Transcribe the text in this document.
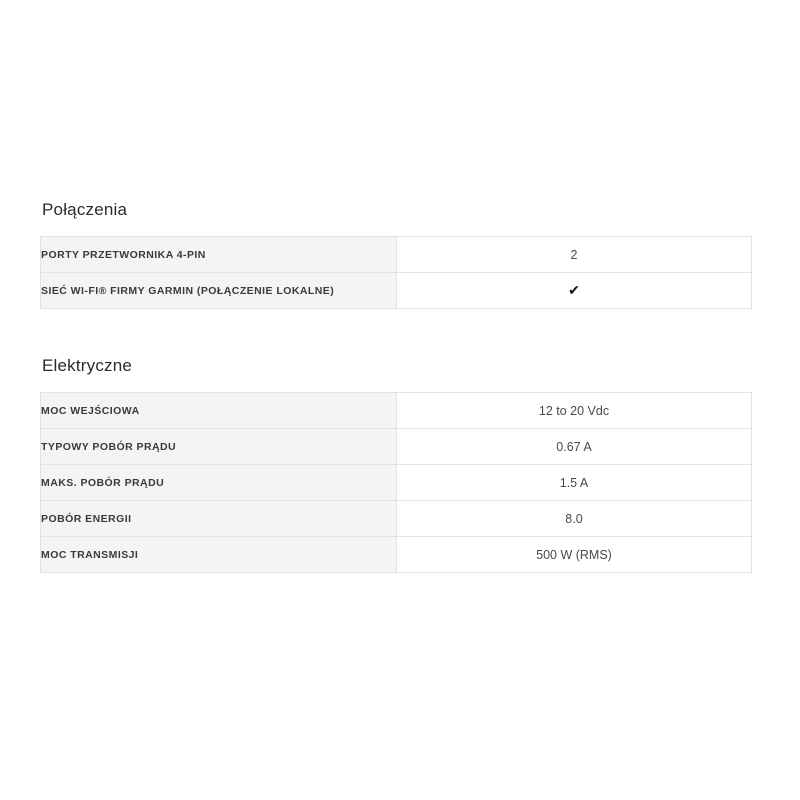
Połączenia
PORTY PRZETWORNIKA 4-PIN	2
SIEĆ WI-FI® FIRMY GARMIN (POŁĄCZENIE LOKALNE)	✔
Elektryczne
MOC WEJŚCIOWA	12 to 20 Vdc
TYPOWY POBÓR PRĄDU	0.67 A
MAKS. POBÓR PRĄDU	1.5 A
POBÓR ENERGII	8.0
MOC TRANSMISJI	500 W (RMS)
